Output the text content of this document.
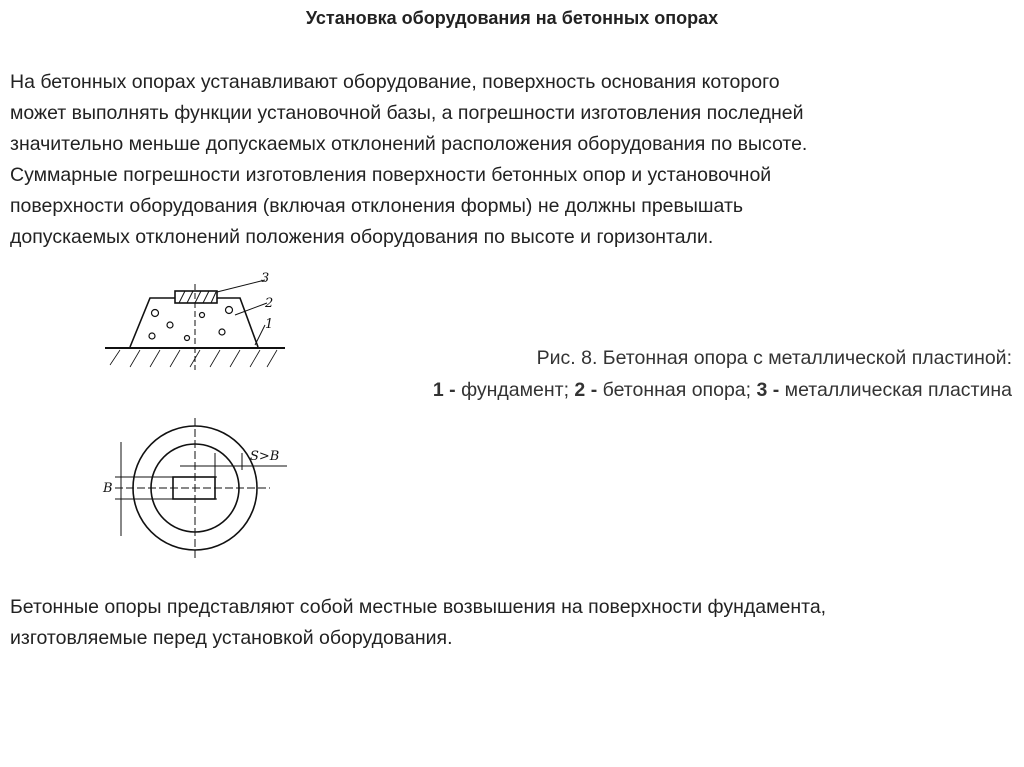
Установка оборудования на бетонных опорах
На бетонных опорах устанавливают оборудование, поверхность основания которого
может выполнять функции установочной базы, а погрешности изготовления последней
значительно меньше допускаемых отклонений расположения оборудования по высоте.
Суммарные погрешности изготовления поверхности бетонных опор и установочной
поверхности оборудования (включая отклонения формы) не должны превышать
допускаемых отклонений положения оборудования по высоте и горизонтали.
3
2
1
S>B
B
Рис. 8. Бетонная опора с металлической пластиной:
1 - фундамент; 2 - бетонная опора; 3 - металлическая пластина
Бетонные опоры представляют собой местные возвышения на поверхности фундамента,
изготовляемые перед установкой оборудования.
